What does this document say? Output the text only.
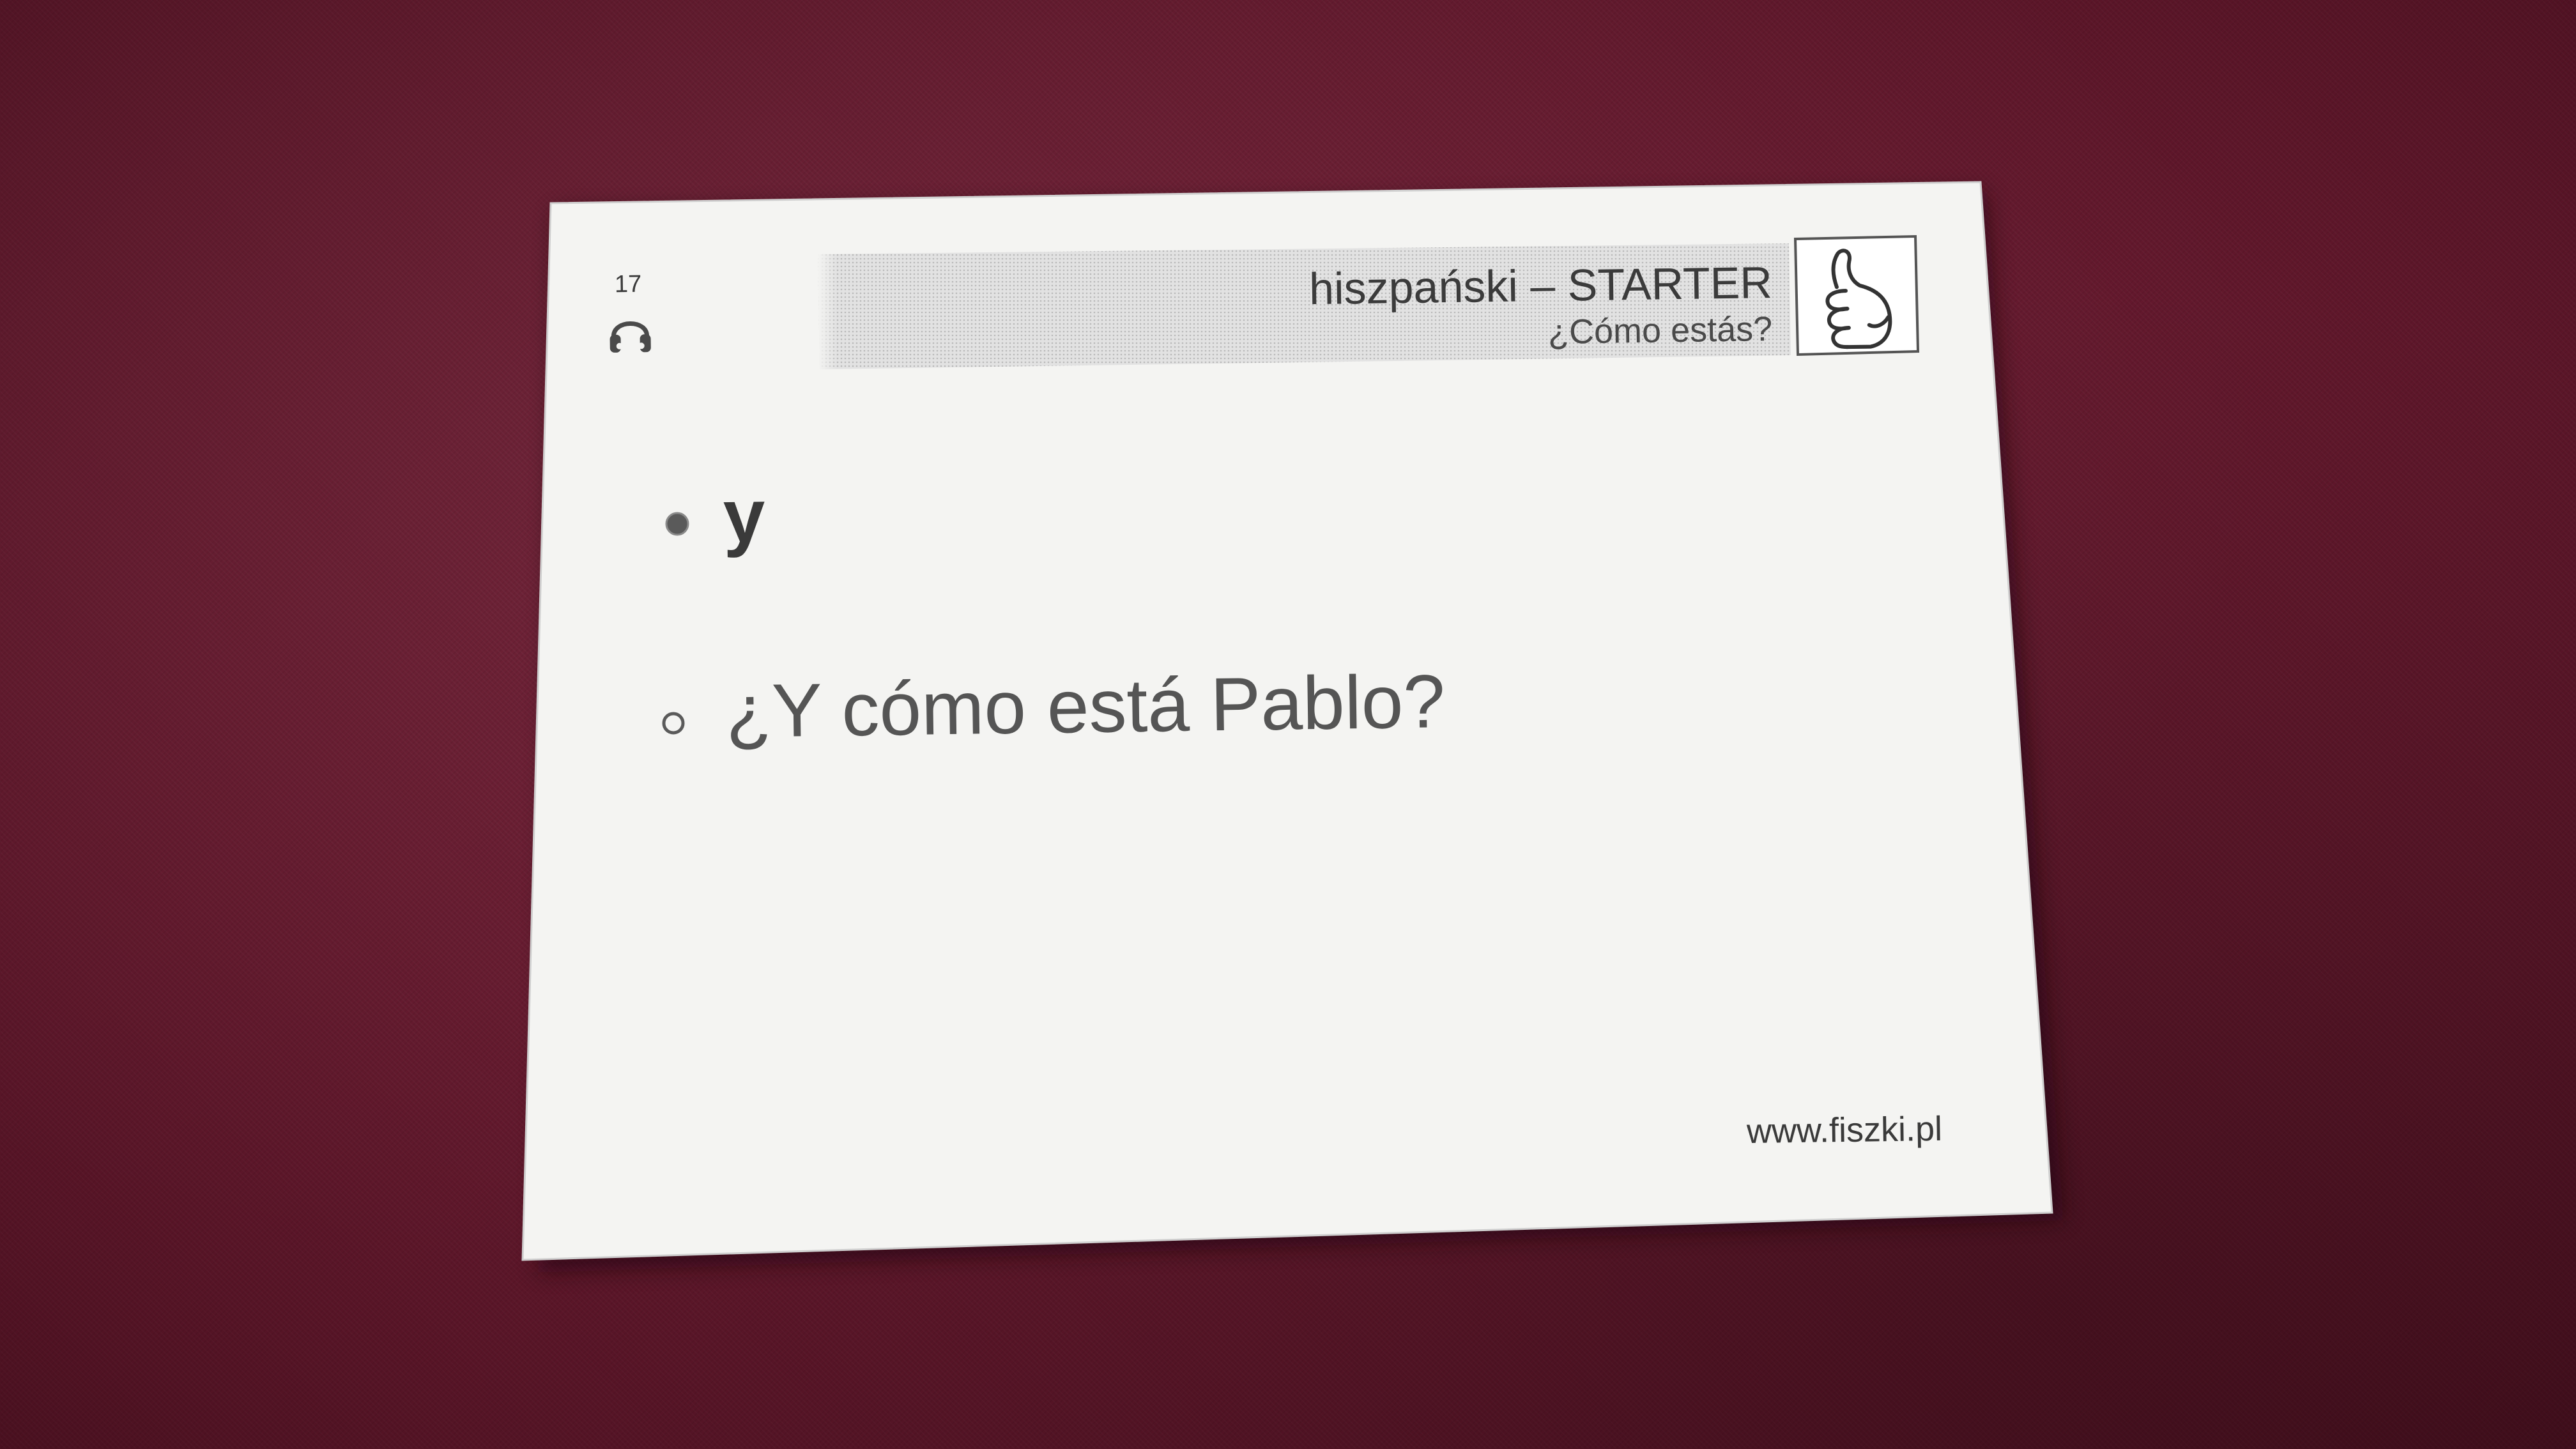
17	hiszpański – STARTER
¿Cómo estás?
y
¿Y cómo está Pablo?
www.fiszki.pl
